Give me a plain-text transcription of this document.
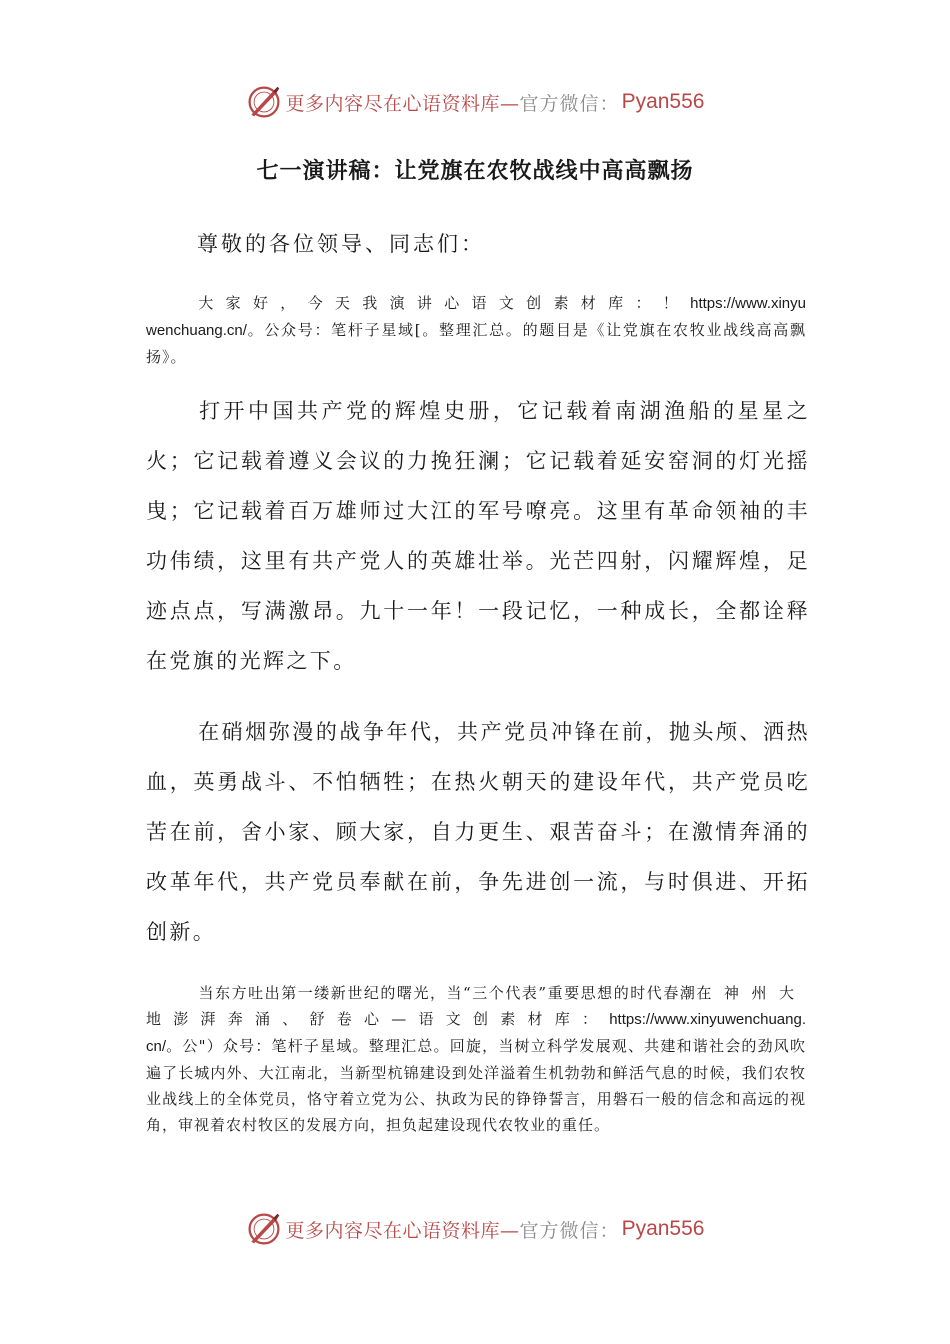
更多内容尽在心语资料库— 官方微信： Pyan556
七一演讲稿：让党旗在农牧战线中高高飘扬
尊敬的各位领导、同志们：
大家好，今天我演讲心语文创素材库：！https://www.xinyuwenchuang.cn/。公众号：笔杆子星域[。整理汇总。的题目是《让党旗在农牧业战线高高飘扬》。
打开中国共产党的辉煌史册，它记载着南湖渔船的星星之火；它记载着遵义会议的力挽狂澜；它记载着延安窑洞的灯光摇曳；它记载着百万雄师过大江的军号嘹亮。这里有革命领袖的丰功伟绩，这里有共产党人的英雄壮举。光芒四射，闪耀辉煌，足迹点点，写满激昂。九十一年！一段记忆，一种成长，全都诠释在党旗的光辉之下。
在硝烟弥漫的战争年代，共产党员冲锋在前，抛头颅、洒热血，英勇战斗、不怕牺牲；在热火朝天的建设年代，共产党员吃苦在前，舍小家、顾大家，自力更生、艰苦奋斗；在激情奔涌的改革年代，共产党员奉献在前，争先进创一流，与时俱进、开拓创新。
当东方吐出第一缕新世纪的曙光，当“三个代表”重要思想的时代春潮在神州大地澎湃奔涌、舒卷心—语文创素材库：https://www.xinyuwenchuang.cn/。公"）众号：笔杆子星域。整理汇总。回旋，当树立科学发展观、共建和谐社会的劲风吹遍了长城内外、大江南北，当新型杭锦建设到处洋溢着生机勃勃和鲜活气息的时候，我们农牧业战线上的全体党员，恪守着立党为公、执政为民的铮铮誓言，用磐石一般的信念和高远的视角，审视着农村牧区的发展方向，担负起建设现代农牧业的重任。
更多内容尽在心语资料库— 官方微信： Pyan556
